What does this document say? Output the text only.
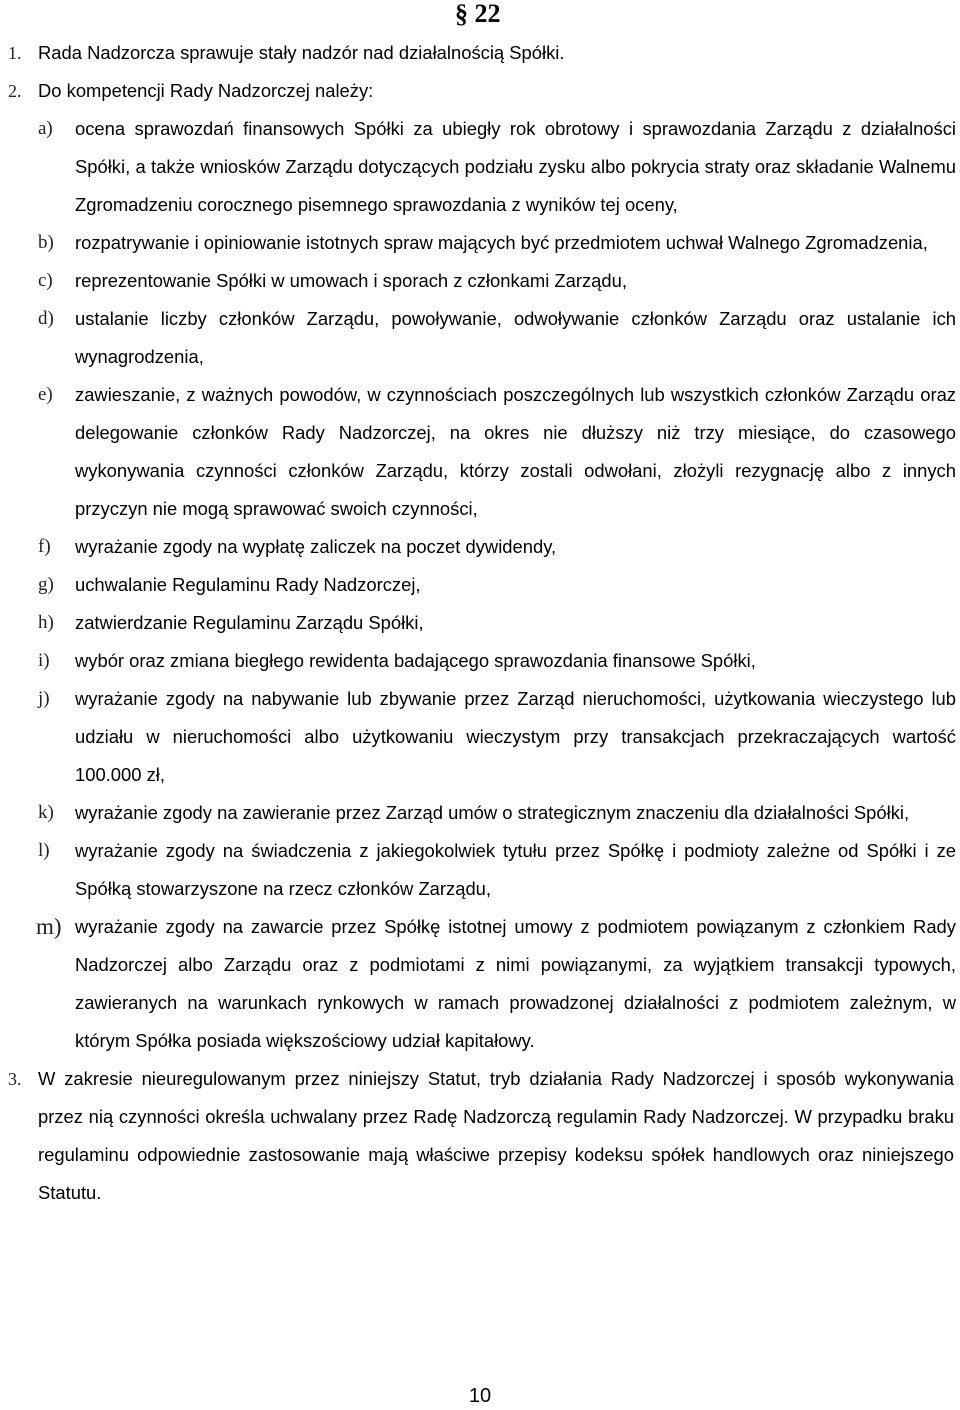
§ 22
1. Rada Nadzorcza sprawuje stały nadzór nad działalnością Spółki.
2. Do kompetencji Rady Nadzorczej należy:
a) ocena sprawozdań finansowych Spółki za ubiegły rok obrotowy i sprawozdania Zarządu z działalności Spółki, a także wniosków Zarządu dotyczących podziału zysku albo pokrycia straty oraz składanie Walnemu Zgromadzeniu corocznego pisemnego sprawozdania z wyników tej oceny,
b) rozpatrywanie i opiniowanie istotnych spraw mających być przedmiotem uchwał Walnego Zgromadzenia,
c) reprezentowanie Spółki w umowach i sporach z członkami Zarządu,
d) ustalanie liczby członków Zarządu, powoływanie, odwoływanie członków Zarządu oraz ustalanie ich wynagrodzenia,
e) zawieszanie, z ważnych powodów, w czynnościach poszczególnych lub wszystkich członków Zarządu oraz delegowanie członków Rady Nadzorczej, na okres nie dłuższy niż trzy miesiące, do czasowego wykonywania czynności członków Zarządu, którzy zostali odwołani, złożyli rezygnację albo z innych przyczyn nie mogą sprawować swoich czynności,
f) wyrażanie zgody na wypłatę zaliczek na poczet dywidendy,
g) uchwalanie Regulaminu Rady Nadzorczej,
h) zatwierdzanie Regulaminu Zarządu Spółki,
i) wybór oraz zmiana biegłego rewidenta badającego sprawozdania finansowe Spółki,
j) wyrażanie zgody na nabywanie lub zbywanie przez Zarząd nieruchomości, użytkowania wieczystego lub udziału w nieruchomości albo użytkowaniu wieczystym przy transakcjach przekraczających wartość 100.000 zł,
k) wyrażanie zgody na zawieranie przez Zarząd umów o strategicznym znaczeniu dla działalności Spółki,
l) wyrażanie zgody na świadczenia z jakiegokolwiek tytułu przez Spółkę i podmioty zależne od Spółki i ze Spółką stowarzyszone na rzecz członków Zarządu,
m) wyrażanie zgody na zawarcie przez Spółkę istotnej umowy z podmiotem powiązanym z członkiem Rady Nadzorczej albo Zarządu oraz z podmiotami z nimi powiązanymi, za wyjątkiem transakcji typowych, zawieranych na warunkach rynkowych w ramach prowadzonej działalności z podmiotem zależnym, w którym Spółka posiada większościowy udział kapitałowy.
3. W zakresie nieuregulowanym przez niniejszy Statut, tryb działania Rady Nadzorczej i sposób wykonywania przez nią czynności określa uchwalany przez Radę Nadzorczą regulamin Rady Nadzorczej. W przypadku braku regulaminu odpowiednie zastosowanie mają właściwe przepisy kodeksu spółek handlowych oraz niniejszego Statutu.
10
